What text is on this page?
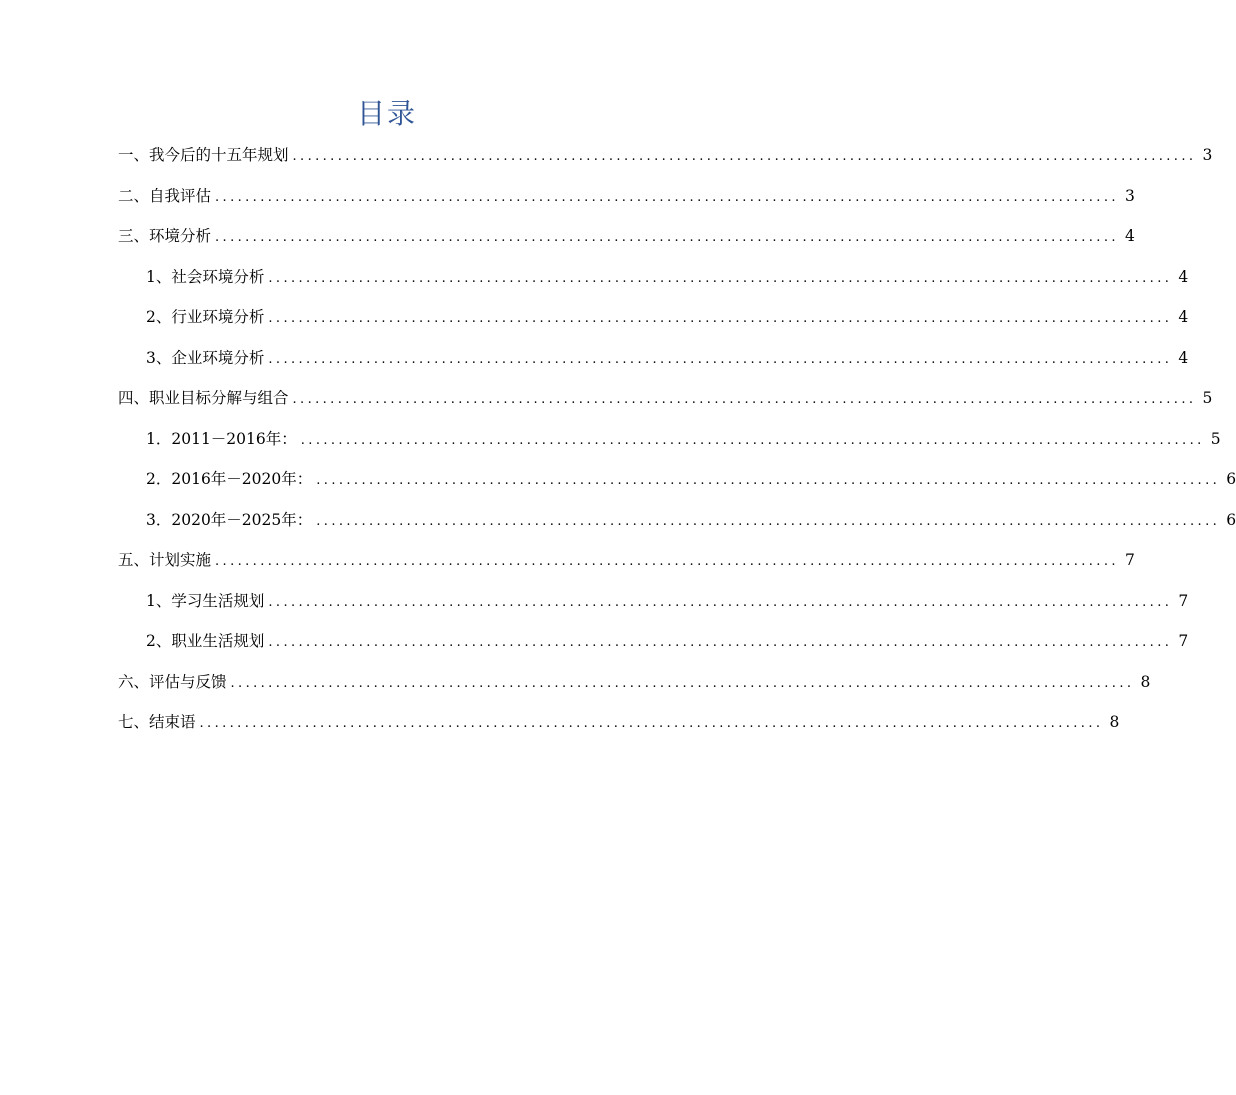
目录
一、我今后的十五年规划 ........................................................................................................................ 3
二、自我评估 ........................................................................................................................ 3
三、环境分析 ........................................................................................................................ 4
1、社会环境分析 ........................................................................................................................ 4
2、行业环境分析 ........................................................................................................................ 4
3、企业环境分析 ........................................................................................................................ 4
四、职业目标分解与组合 ........................................................................................................................ 5
1．2011－2016年： ........................................................................................................................ 5
2．2016年－2020年： ........................................................................................................................ 6
3．2020年－2025年： ........................................................................................................................ 6
五、计划实施 ........................................................................................................................ 7
1、学习生活规划 ........................................................................................................................ 7
2、职业生活规划 ........................................................................................................................ 7
六、评估与反馈 ........................................................................................................................ 8
七、结束语 ........................................................................................................................ 8
